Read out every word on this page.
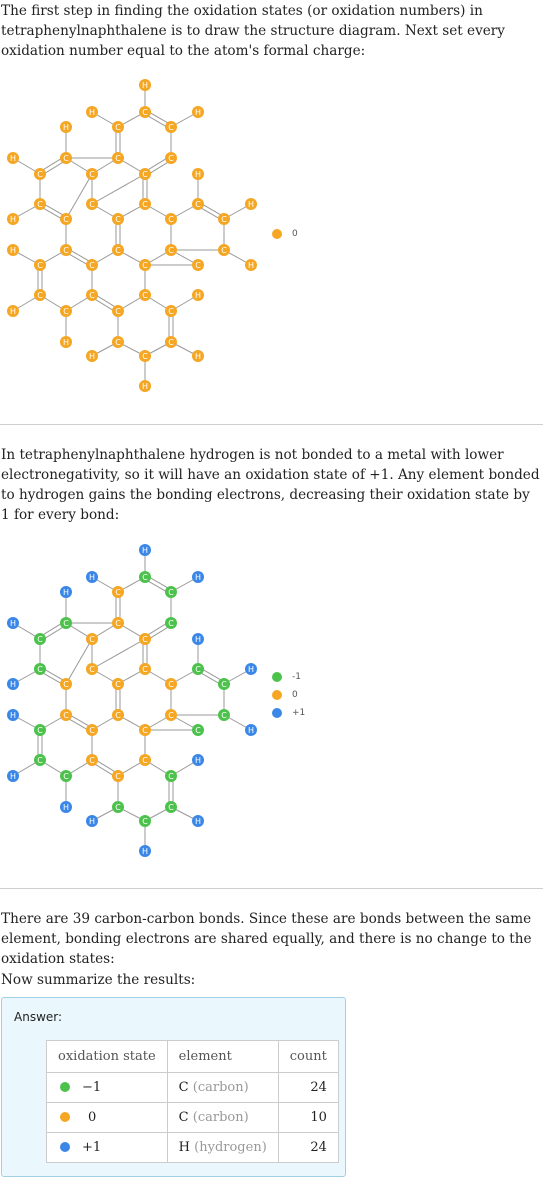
The first step in finding the oxidation states (or oxidation numbers) in tetraphenylnaphthalene is to draw the structure diagram. Next set every oxidation number equal to the atom's formal charge:

H
C
H	H
C	C
H
C	C	C
H
C	C	C	H
C
C
C	C
C
C
C
H
H
C
C	C	C	C
H
C	C	C	C	H
C	C	C	H
H	C	C	C
H	C	C
H	C	H
H
0

In tetraphenylnaphthalene hydrogen is not bonded to a metal with lower electronegativity, so it will have an oxidation state of +1. Any element bonded to hydrogen gains the bonding electrons, decreasing their oxidation state by 1 for every bond:

H
C
H	H
C	C
H
C	C	C
H
C	C	C	H
C
C
C	C
C
C
C
H
H
C
C	C	C	C
H
C	C	C	C	H
C	C	C	H
H	C	C	C
H	C	C
H	C	H
H
-1
0
+1

There are 39 carbon-carbon bonds. Since these are bonds between the same element, bonding electrons are shared equally, and there is no change to the oxidation states:

Now summarize the results:

Answer:
oxidation state	element	count
−1	C (carbon)	24
0	C (carbon)	10
+1	H (hydrogen)	24
